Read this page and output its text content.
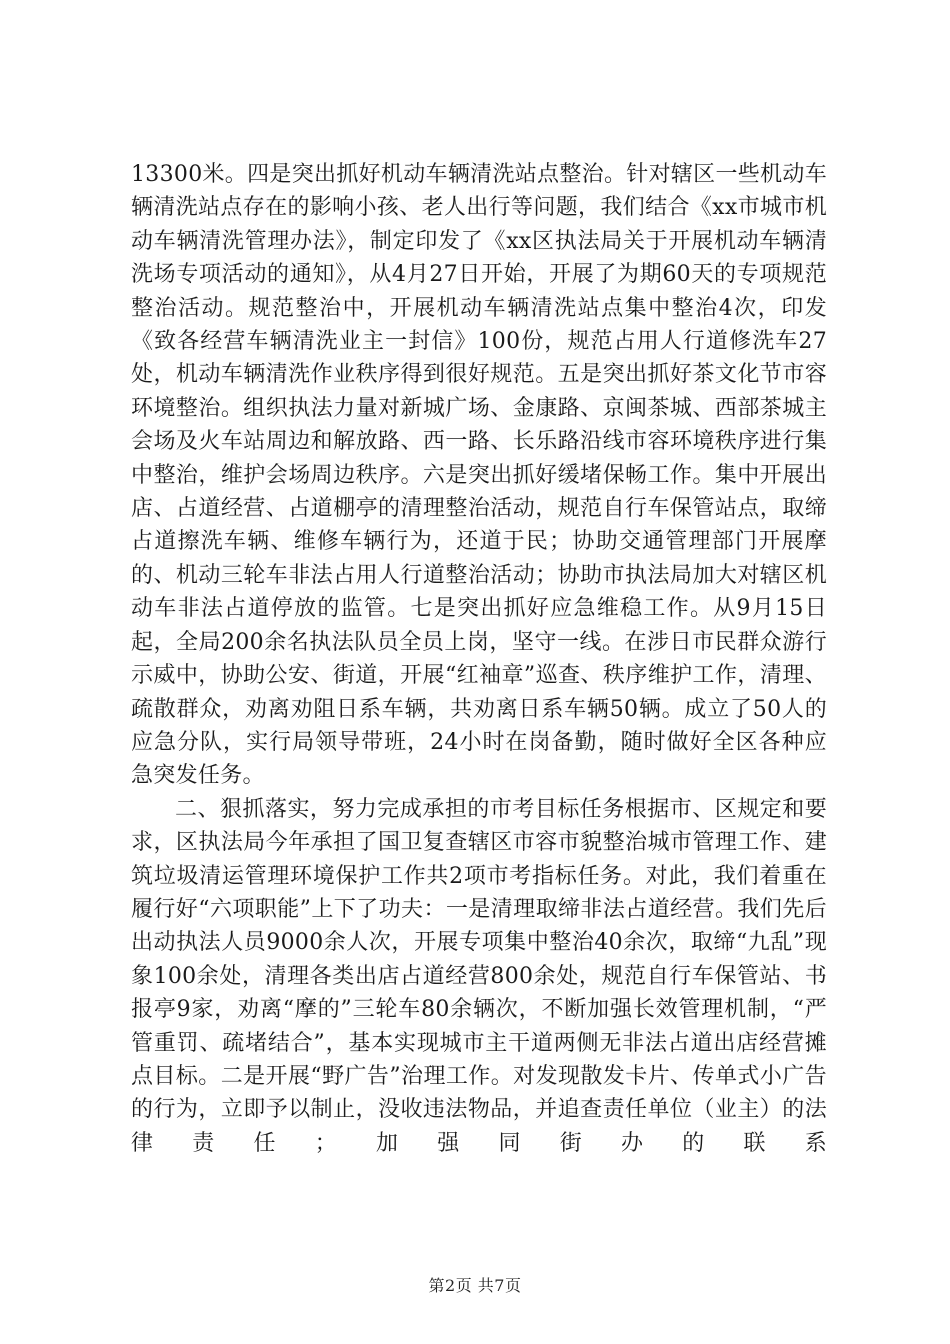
13300米。四是突出抓好机动车辆清洗站点整治。针对辖区一些机动车辆清洗站点存在的影响小孩、老人出行等问题，我们结合《xx市城市机动车辆清洗管理办法》，制定印发了《xx区执法局关于开展机动车辆清洗场专项活动的通知》，从4月27日开始，开展了为期60天的专项规范整治活动。规范整治中，开展机动车辆清洗站点集中整治4次，印发《致各经营车辆清洗业主一封信》100份，规范占用人行道修洗车27处，机动车辆清洗作业秩序得到很好规范。五是突出抓好茶文化节市容环境整治。组织执法力量对新城广场、金康路、京闽茶城、西部茶城主会场及火车站周边和解放路、西一路、长乐路沿线市容环境秩序进行集中整治，维护会场周边秩序。六是突出抓好缓堵保畅工作。集中开展出店、占道经营、占道棚亭的清理整治活动，规范自行车保管站点，取缔占道擦洗车辆、维修车辆行为，还道于民；协助交通管理部门开展摩的、机动三轮车非法占用人行道整治活动；协助市执法局加大对辖区机动车非法占道停放的监管。七是突出抓好应急维稳工作。从9月15日起，全局200余名执法队员全员上岗，坚守一线。在涉日市民群众游行示威中，协助公安、街道，开展“红袖章”巡查、秩序维护工作，清理、疏散群众，劝离劝阻日系车辆，共劝离日系车辆50辆。成立了50人的应急分队，实行局领导带班，24小时在岗备勤，随时做好全区各种应急突发任务。

二、狠抓落实，努力完成承担的市考目标任务根据市、区规定和要求，区执法局今年承担了国卫复查辖区市容市貌整治城市管理工作、建筑垃圾清运管理环境保护工作共2项市考指标任务。对此，我们着重在履行好“六项职能”上下了功夫：一是清理取缔非法占道经营。我们先后出动执法人员9000余人次，开展专项集中整治40余次，取缔“九乱”现象100余处，清理各类出店占道经营800余处，规范自行车保管站、书报亭9家，劝离“摩的”三轮车80余辆次，不断加强长效管理机制，“严管重罚、疏堵结合”，基本实现城市主干道两侧无非法占道出店经营摊点目标。二是开展“野广告”治理工作。对发现散发卡片、传单式小广告的行为，立即予以制止，没收违法物品，并追查责任单位（业主）的法律责任；加强同街办的联系

第2页 共7页
